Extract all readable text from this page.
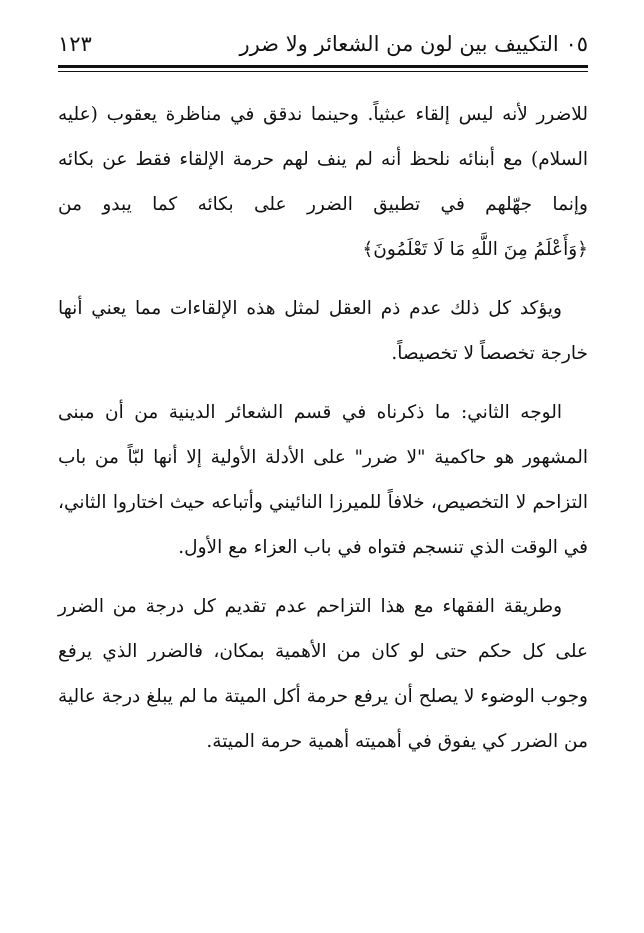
٠٥ التكييف بين لون من الشعائر ولا ضرر
١٢٣

للاضرر لأنه ليس إلقاء عبثياً. وحينما ندقق في مناظرة يعقوب (عليه السلام) مع أبنائه نلحظ أنه لم ينف لهم حرمة الإلقاء فقط عن بكائه وإنما جهّلهم في تطبيق الضرر على بكائه كما يبدو من ﴿وَأَعْلَمُ مِنَ اللَّهِ مَا لَا تَعْلَمُونَ﴾

ويؤكد كل ذلك عدم ذم العقل لمثل هذه الإلقاءات مما يعني أنها خارجة تخصصاً لا تخصيصاً.

الوجه الثاني: ما ذكرناه في قسم الشعائر الدينية من أن مبنى المشهور هو حاكمية "لا ضرر" على الأدلة الأولية إلا أنها لبّاً من باب التزاحم لا التخصيص، خلافاً للميرزا النائيني وأتباعه حيث اختاروا الثاني، في الوقت الذي تنسجم فتواه في باب العزاء مع الأول.

وطريقة الفقهاء مع هذا التزاحم عدم تقديم كل درجة من الضرر على كل حكم حتى لو كان من الأهمية بمكان، فالضرر الذي يرفع وجوب الوضوء لا يصلح أن يرفع حرمة أكل الميتة ما لم يبلغ درجة عالية من الضرر كي يفوق في أهميته أهمية حرمة الميتة.
